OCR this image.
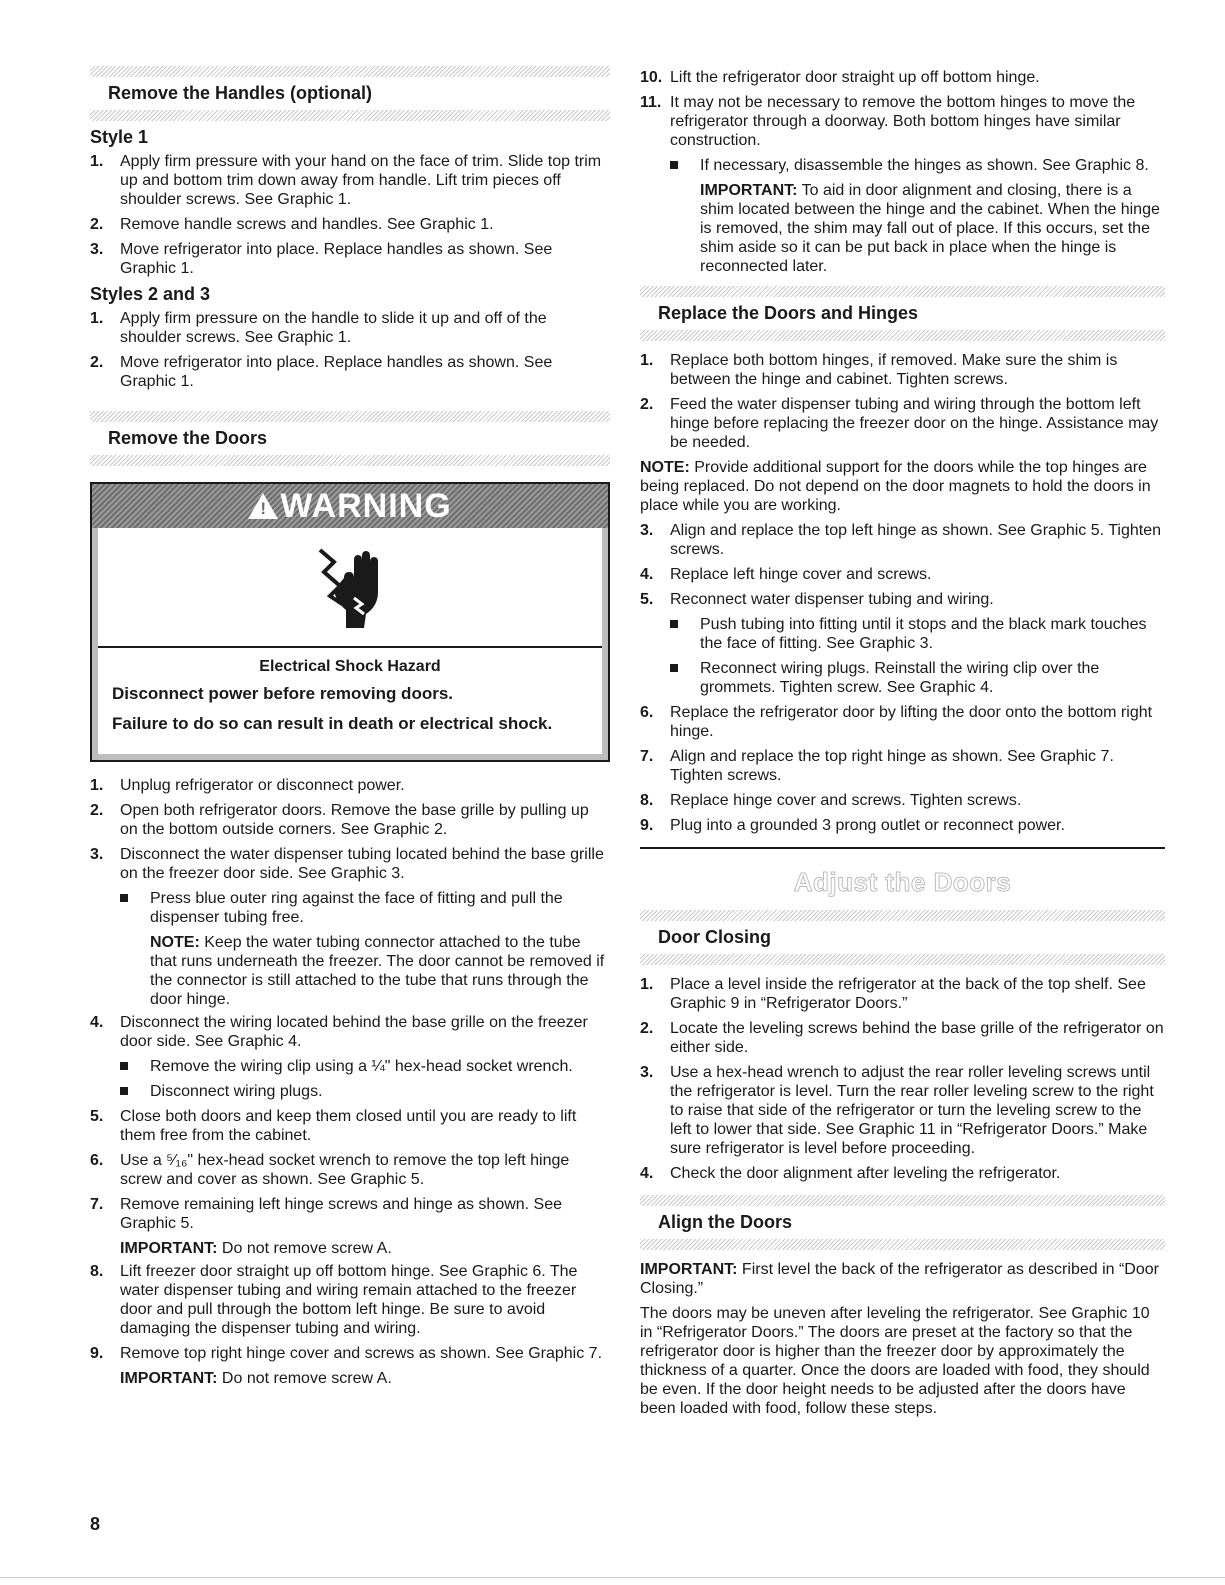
Remove the Handles (optional)
Style 1
1. Apply firm pressure with your hand on the face of trim. Slide top trim up and bottom trim down away from handle. Lift trim pieces off shoulder screws. See Graphic 1.
2. Remove handle screws and handles. See Graphic 1.
3. Move refrigerator into place. Replace handles as shown. See Graphic 1.
Styles 2 and 3
1. Apply firm pressure on the handle to slide it up and off of the shoulder screws. See Graphic 1.
2. Move refrigerator into place. Replace handles as shown. See Graphic 1.
Remove the Doors
!
WARNING
Electrical Shock Hazard
Disconnect power before removing doors.
Failure to do so can result in death or electrical shock.
1. Unplug refrigerator or disconnect power.
2. Open both refrigerator doors. Remove the base grille by pulling up on the bottom outside corners. See Graphic 2.
3. Disconnect the water dispenser tubing located behind the base grille on the freezer door side. See Graphic 3.
Press blue outer ring against the face of fitting and pull the dispenser tubing free.
NOTE: Keep the water tubing connector attached to the tube that runs underneath the freezer. The door cannot be removed if the connector is still attached to the tube that runs through the door hinge.
4. Disconnect the wiring located behind the base grille on the freezer door side. See Graphic 4.
Remove the wiring clip using a ¼" hex-head socket wrench.
Disconnect wiring plugs.
5. Close both doors and keep them closed until you are ready to lift them free from the cabinet.
6. Use a ⁵⁄₁₆" hex-head socket wrench to remove the top left hinge screw and cover as shown. See Graphic 5.
7. Remove remaining left hinge screws and hinge as shown. See Graphic 5.
IMPORTANT: Do not remove screw A.
8. Lift freezer door straight up off bottom hinge. See Graphic 6. The water dispenser tubing and wiring remain attached to the freezer door and pull through the bottom left hinge. Be sure to avoid damaging the dispenser tubing and wiring.
9. Remove top right hinge cover and screws as shown. See Graphic 7.
IMPORTANT: Do not remove screw A.
10. Lift the refrigerator door straight up off bottom hinge.
11. It may not be necessary to remove the bottom hinges to move the refrigerator through a doorway. Both bottom hinges have similar construction.
If necessary, disassemble the hinges as shown. See Graphic 8.
IMPORTANT: To aid in door alignment and closing, there is a shim located between the hinge and the cabinet. When the hinge is removed, the shim may fall out of place. If this occurs, set the shim aside so it can be put back in place when the hinge is reconnected later.
Replace the Doors and Hinges
1. Replace both bottom hinges, if removed. Make sure the shim is between the hinge and cabinet. Tighten screws.
2. Feed the water dispenser tubing and wiring through the bottom left hinge before replacing the freezer door on the hinge. Assistance may be needed.

NOTE: Provide additional support for the doors while the top hinges are being replaced. Do not depend on the door magnets to hold the doors in place while you are working.

3. Align and replace the top left hinge as shown. See Graphic 5. Tighten screws.
4. Replace left hinge cover and screws.
5. Reconnect water dispenser tubing and wiring.
Push tubing into fitting until it stops and the black mark touches the face of fitting. See Graphic 3.
Reconnect wiring plugs. Reinstall the wiring clip over the grommets. Tighten screw. See Graphic 4.
6. Replace the refrigerator door by lifting the door onto the bottom right hinge.
7. Align and replace the top right hinge as shown. See Graphic 7. Tighten screws.
8. Replace hinge cover and screws. Tighten screws.
9. Plug into a grounded 3 prong outlet or reconnect power.
Adjust the Doors
Door Closing
1. Place a level inside the refrigerator at the back of the top shelf. See Graphic 9 in “Refrigerator Doors.”
2. Locate the leveling screws behind the base grille of the refrigerator on either side.
3. Use a hex-head wrench to adjust the rear roller leveling screws until the refrigerator is level. Turn the rear roller leveling screw to the right to raise that side of the refrigerator or turn the leveling screw to the left to lower that side. See Graphic 11 in “Refrigerator Doors.” Make sure refrigerator is level before proceeding.
4. Check the door alignment after leveling the refrigerator.
Align the Doors

IMPORTANT: First level the back of the refrigerator as described in “Door Closing.”

The doors may be uneven after leveling the refrigerator. See Graphic 10 in “Refrigerator Doors.” The doors are preset at the factory so that the refrigerator door is higher than the freezer door by approximately the thickness of a quarter. Once the doors are loaded with food, they should be even. If the door height needs to be adjusted after the doors have been loaded with food, follow these steps.

8
